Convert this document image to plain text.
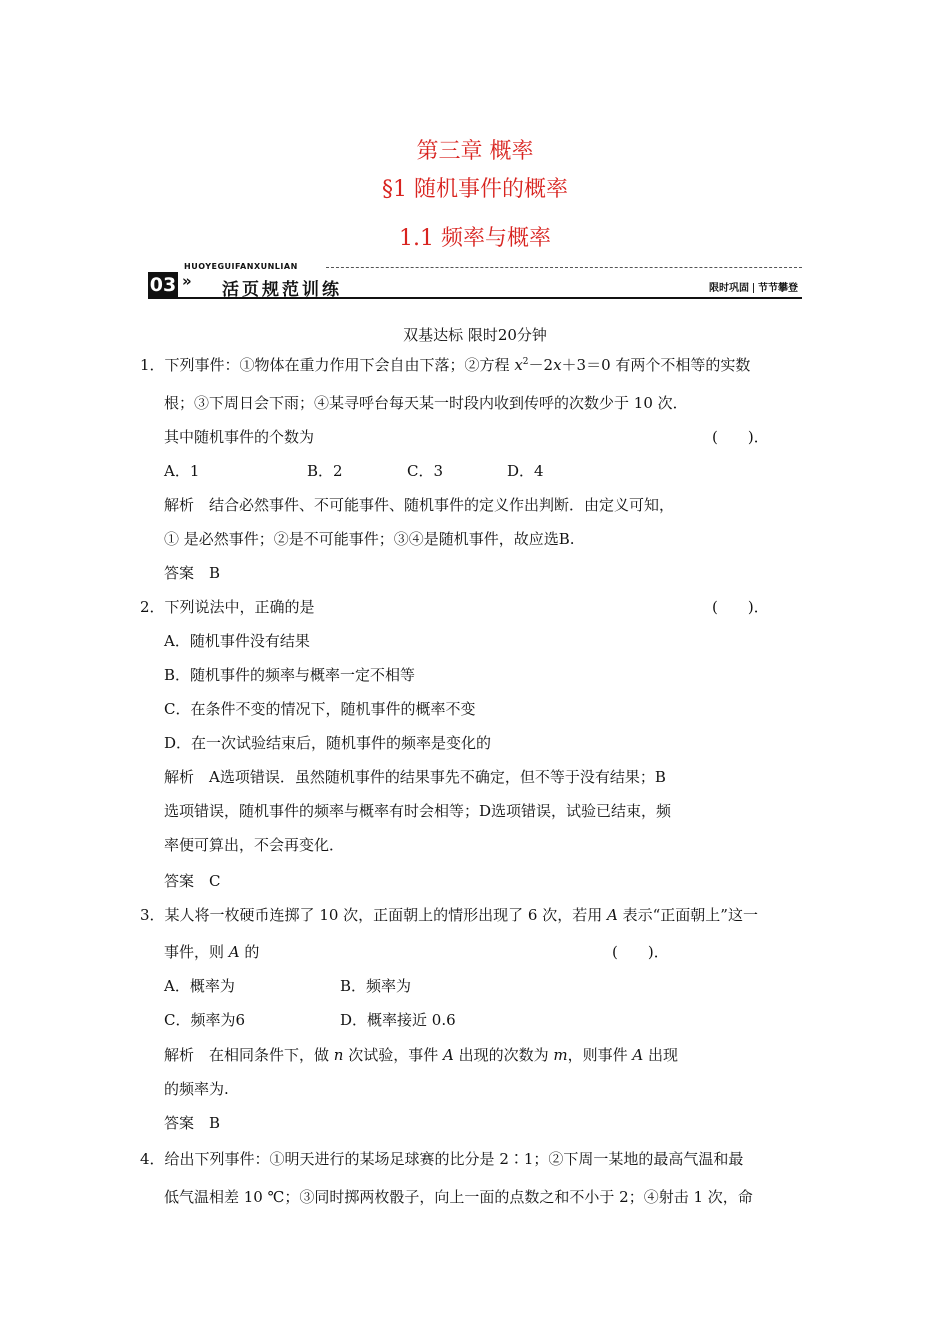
第三章 概率
§1 随机事件的概率
1.1 频率与概率
HUOYEGUIFANXUNLIAN
03 » 活页规范训练	限时巩固 节节攀登
双基达标 限时20分钟
1．下列事件：①物体在重力作用下会自由下落；②方程 $x^2-2x+3=0$ 有两个不相等的实数
根；③下周日会下雨；④某寻呼台每天某一时段内收到传呼的次数少于 10 次．
其中随机事件的个数为	(　　)．
A．1	B．2	C．3	D．4
解析　结合必然事件、不可能事件、随机事件的定义作出判断．由定义可知，
① 是必然事件；②是不可能事件；③④是随机事件，故应选B.
答案　B
2．下列说法中，正确的是	(　　)．
A．随机事件没有结果
B．随机事件的频率与概率一定不相等
C．在条件不变的情况下，随机事件的概率不变
D．在一次试验结束后，随机事件的频率是变化的
解析　A选项错误．虽然随机事件的结果事先不确定，但不等于没有结果；B
选项错误，随机事件的频率与概率有时会相等；D选项错误，试验已结束，频
率便可算出，不会再变化．
答案　C
3．某人将一枚硬币连掷了 10 次，正面朝上的情形出现了 6 次，若用 A 表示“正面朝上”这一
事件，则 A 的	(　　)．
A．概率为	B．频率为
C．频率为6	D．概率接近 0.6
解析　在相同条件下，做 n 次试验，事件 A 出现的次数为 m，则事件 A 出现
的频率为.
答案　B
4．给出下列事件：①明天进行的某场足球赛的比分是 2∶1；②下周一某地的最高气温和最
低气温相差 10 ℃；③同时掷两枚骰子，向上一面的点数之和不小于 2；④射击 1 次，命
